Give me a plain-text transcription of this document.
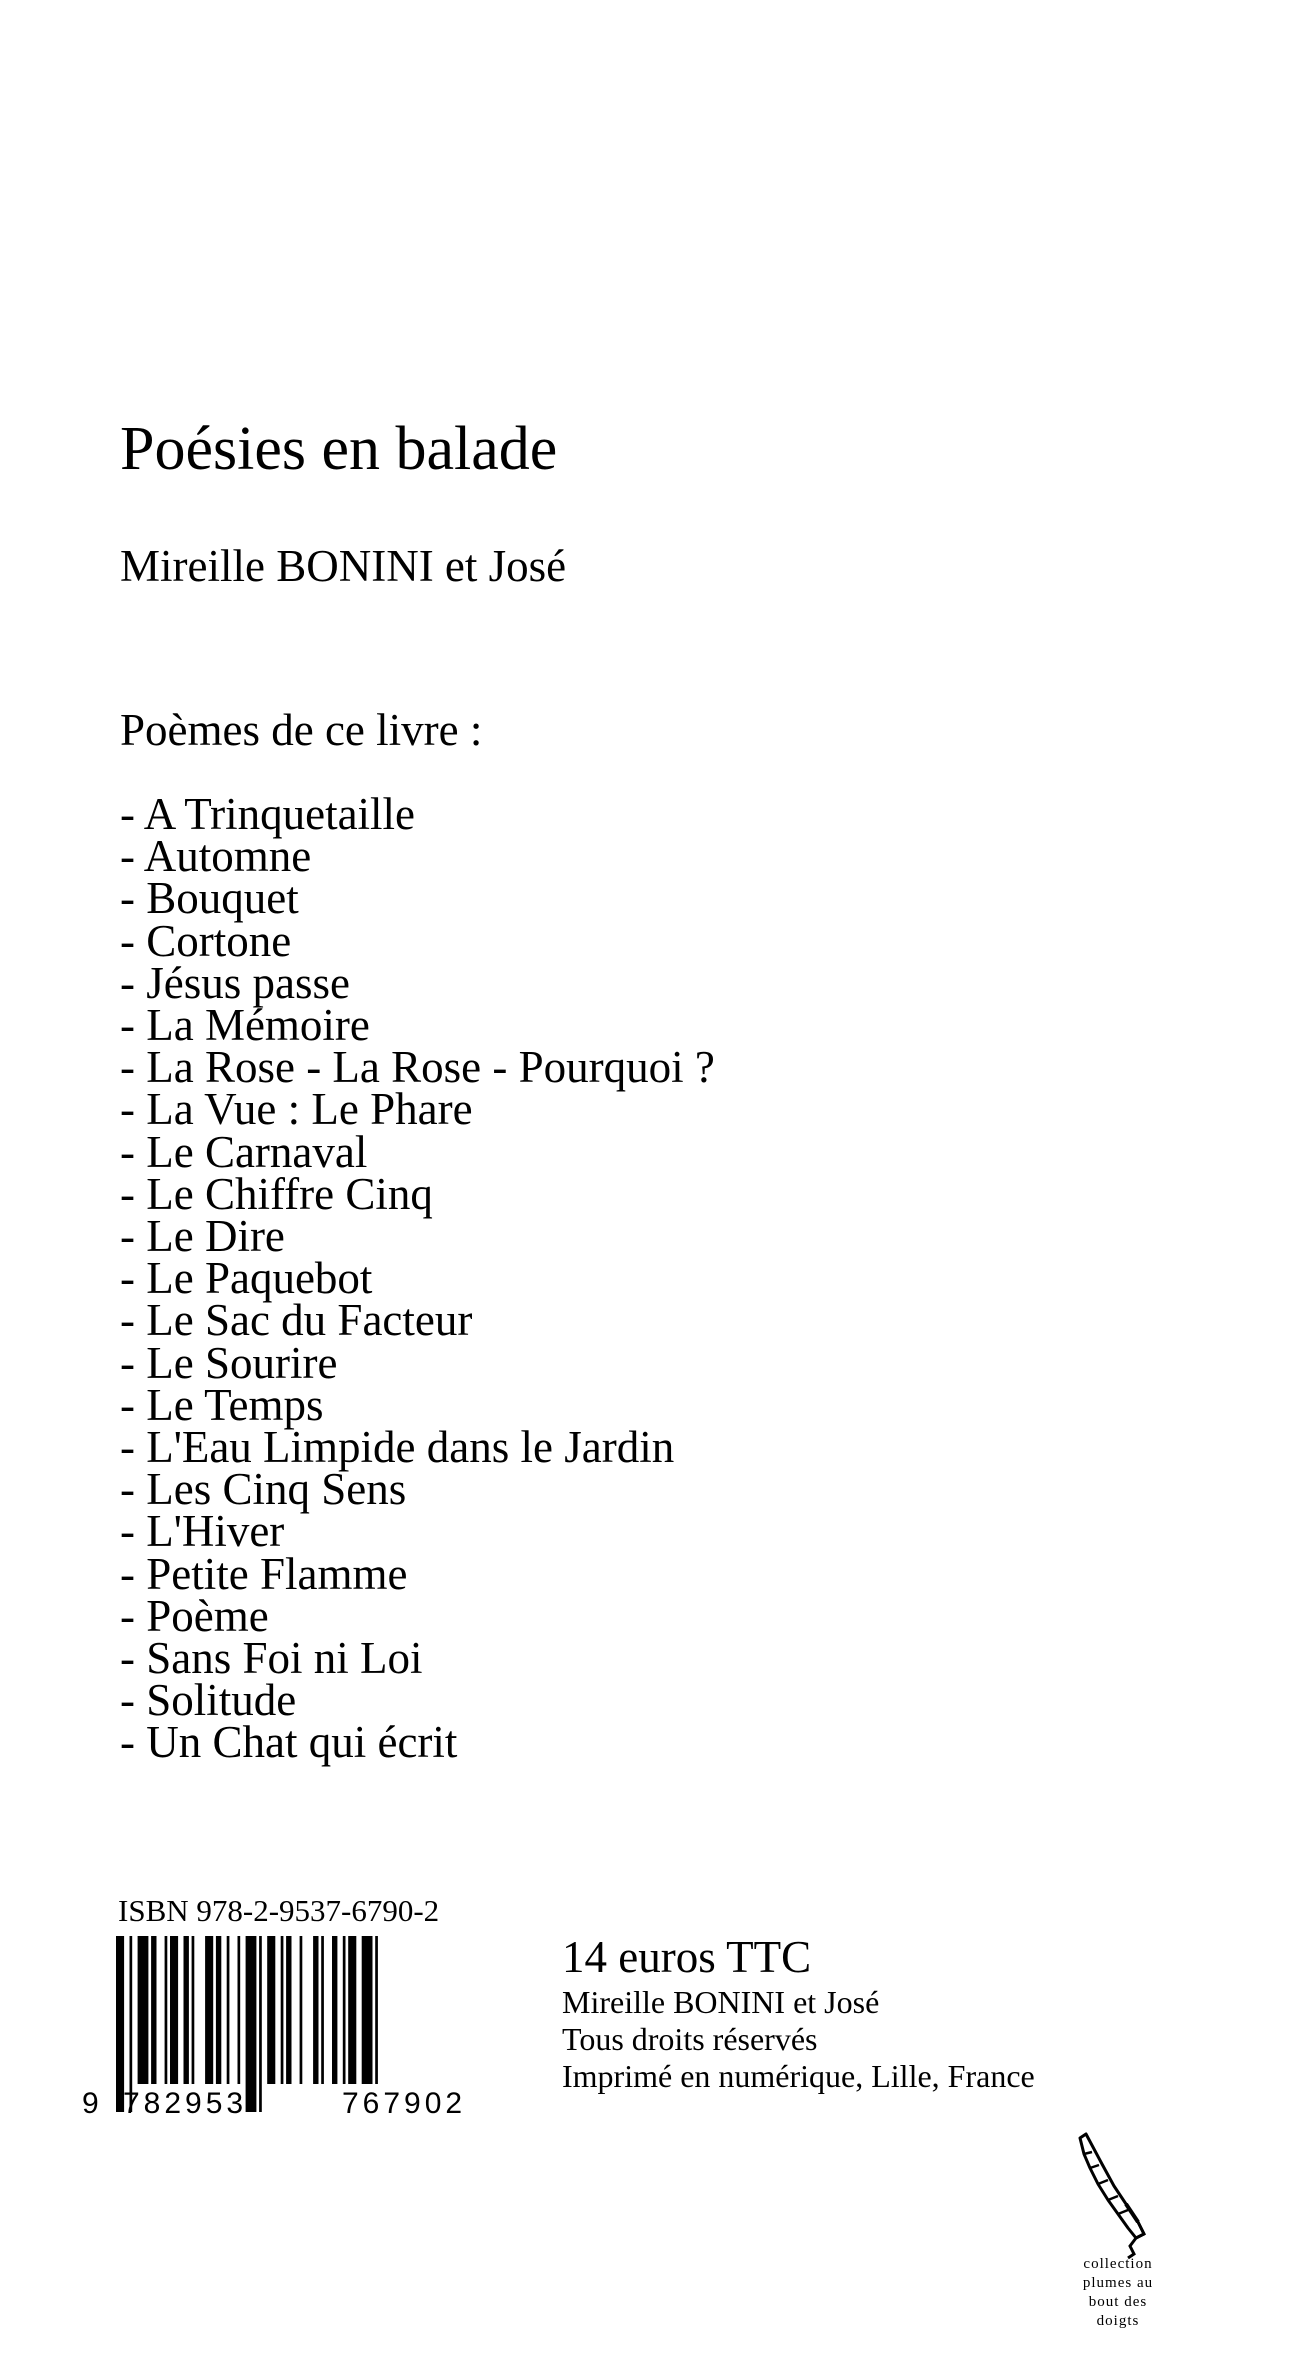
Poésies en balade
Mireille BONINI et José
Poèmes de ce livre :
- A Trinquetaille
- Automne
- Bouquet
- Cortone
- Jésus passe
- La Mémoire
- La Rose - La Rose - Pourquoi ?
- La Vue : Le Phare
- Le Carnaval
- Le Chiffre Cinq
- Le Dire
- Le Paquebot
- Le Sac du Facteur
- Le Sourire
- Le Temps
- L'Eau Limpide dans le Jardin
- Les Cinq Sens
- L'Hiver
- Petite Flamme
- Poème
- Sans Foi ni Loi
- Solitude
- Un Chat qui écrit
ISBN 978-2-9537-6790-2
9 782953	767902
14 euros TTC
Mireille BONINI et José
Tous droits réservés
Imprimé en numérique, Lille, France
collection
plumes au
bout des
doigts
